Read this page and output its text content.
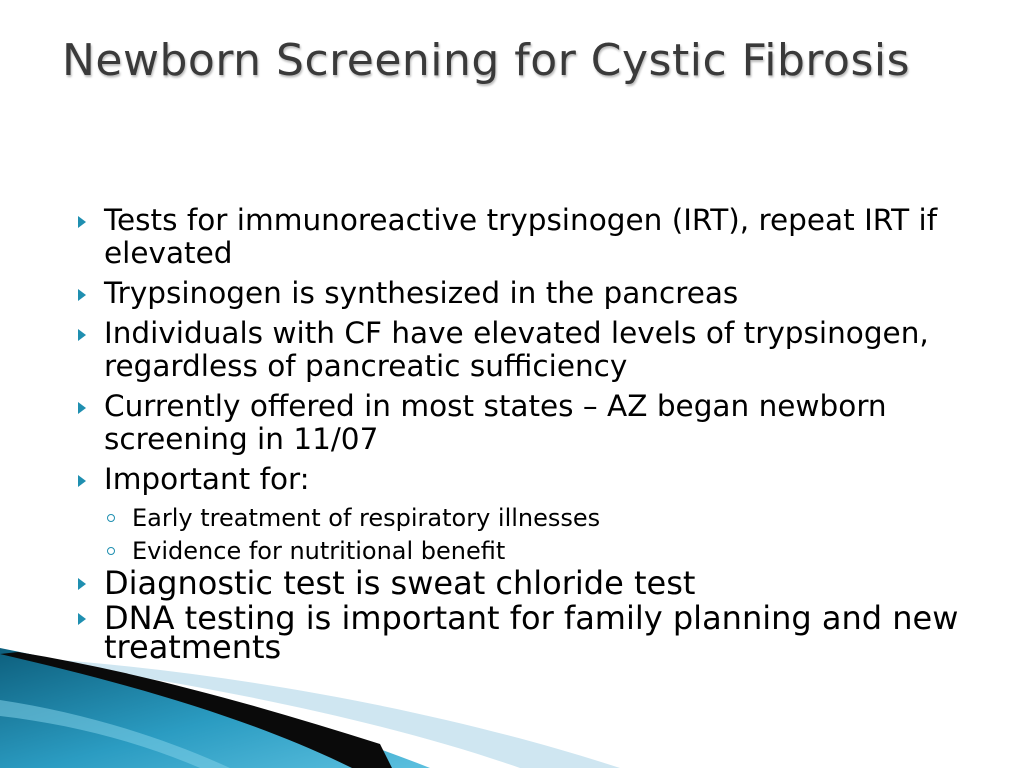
Newborn Screening for Cystic Fibrosis
Tests for immunoreactive trypsinogen (IRT), repeat IRT if elevated
Trypsinogen is synthesized in the pancreas
Individuals with CF have elevated levels of trypsinogen, regardless of pancreatic sufficiency
Currently offered in most states – AZ began newborn screening in 11/07
Important for:
Early treatment of respiratory illnesses
Evidence for nutritional benefit
Diagnostic test is sweat chloride test
DNA testing is important for family planning and new treatments
